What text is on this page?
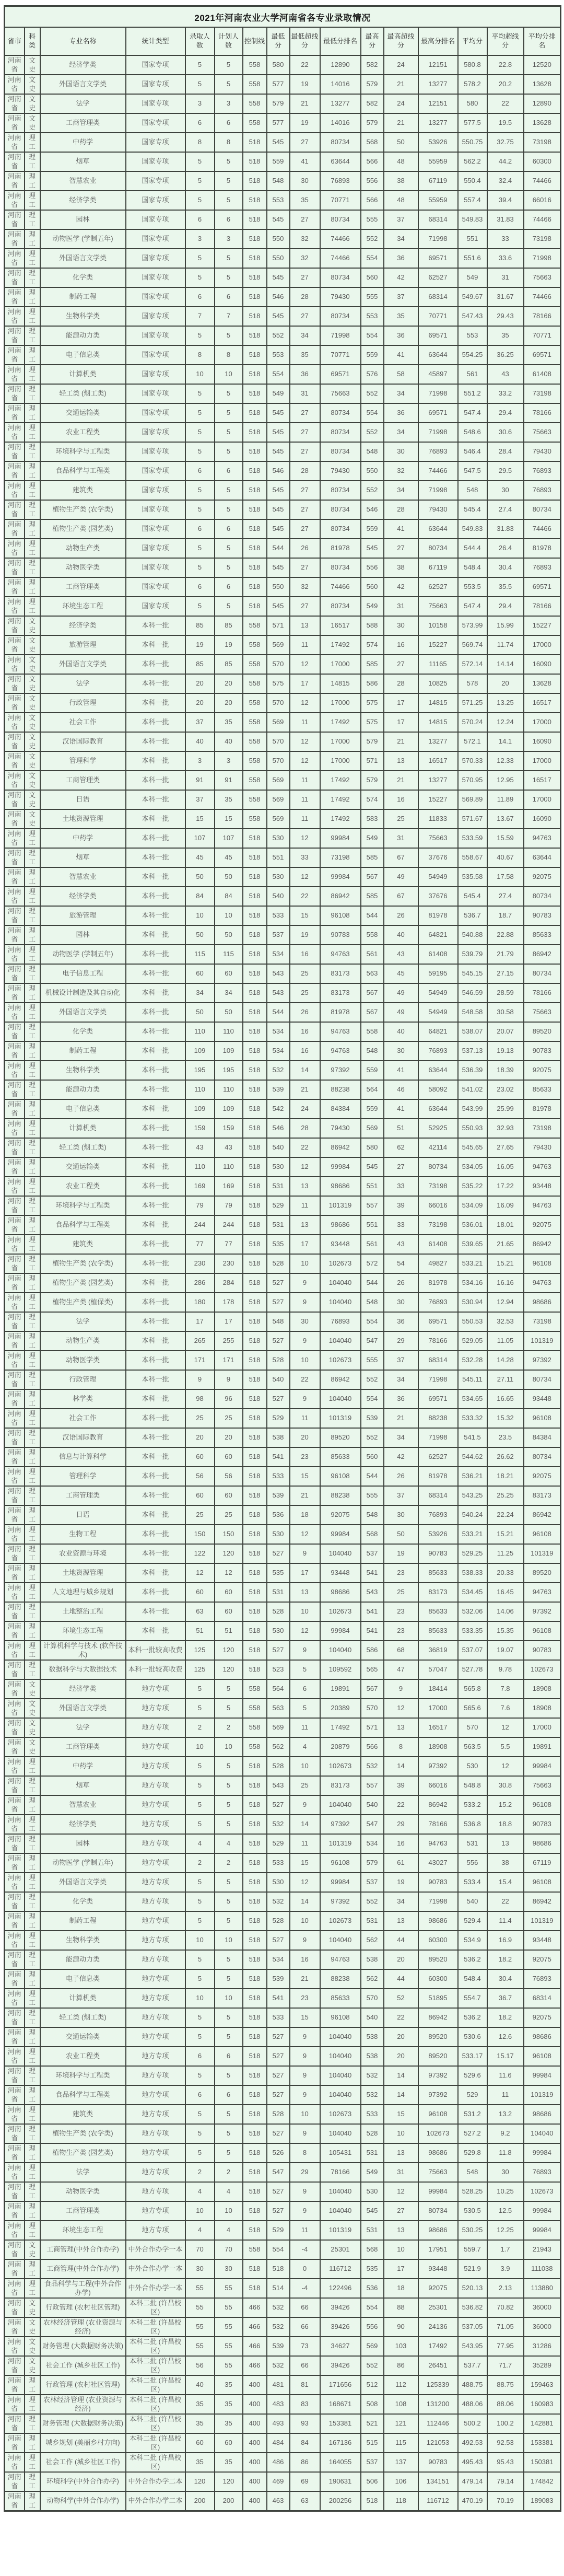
2021年河南农业大学河南省各专业录取情况															
省市	科类	专业名称	统计类型	录取人数	计划人数	控制线	最低分	最低超线分	最低分排名	最高分	最高超线分	最高分排名	平均分	平均超线分	平均分排名
河南省	文史	经济学类	国家专项	5	5	558	580	22	12890	582	24	12151	580.8	22.8	12520
河南省	文史	外国语言文学类	国家专项	5	5	558	577	19	14016	579	21	13277	578.2	20.2	13628
河南省	文史	法学	国家专项	3	3	558	579	21	13277	582	24	12151	580	22	12890
河南省	文史	工商管理类	国家专项	6	6	558	577	19	14016	579	21	13277	577.5	19.5	13628
河南省	理工	中药学	国家专项	8	8	518	545	27	80734	568	50	53926	550.75	32.75	73198
河南省	理工	烟草	国家专项	5	5	518	559	41	63644	566	48	55959	562.2	44.2	60300
河南省	理工	智慧农业	国家专项	5	5	518	548	30	76893	556	38	67119	550.4	32.4	74466
河南省	理工	经济学类	国家专项	5	5	518	553	35	70771	566	48	55959	557.4	39.4	66016
河南省	理工	园林	国家专项	6	6	518	545	27	80734	555	37	68314	549.83	31.83	74466
河南省	理工	动物医学 (学制五年)	国家专项	3	3	518	550	32	74466	552	34	71998	551	33	73198
河南省	理工	外国语言文学类	国家专项	5	5	518	550	32	74466	554	36	69571	551.6	33.6	71998
河南省	理工	化学类	国家专项	5	5	518	545	27	80734	560	42	62527	549	31	75663
河南省	理工	制药工程	国家专项	6	6	518	546	28	79430	555	37	68314	549.67	31.67	74466
河南省	理工	生物科学类	国家专项	7	7	518	545	27	80734	553	35	70771	547.43	29.43	78166
河南省	理工	能源动力类	国家专项	5	5	518	552	34	71998	554	36	69571	553	35	70771
河南省	理工	电子信息类	国家专项	8	8	518	553	35	70771	559	41	63644	554.25	36.25	69571
河南省	理工	计算机类	国家专项	10	10	518	554	36	69571	576	58	45897	561	43	61408
河南省	理工	轻工类 (烟工类)	国家专项	5	5	518	549	31	75663	552	34	71998	551.2	33.2	73198
河南省	理工	交通运输类	国家专项	5	5	518	545	27	80734	554	36	69571	547.4	29.4	78166
河南省	理工	农业工程类	国家专项	5	5	518	545	27	80734	552	34	71998	548.6	30.6	75663
河南省	理工	环境科学与工程类	国家专项	5	5	518	545	27	80734	548	30	76893	546.4	28.4	79430
河南省	理工	食品科学与工程类	国家专项	6	6	518	546	28	79430	550	32	74466	547.5	29.5	76893
河南省	理工	建筑类	国家专项	5	5	518	545	27	80734	552	34	71998	548	30	76893
河南省	理工	植物生产类 (农学类)	国家专项	5	5	518	545	27	80734	546	28	79430	545.4	27.4	80734
河南省	理工	植物生产类 (园艺类)	国家专项	6	6	518	545	27	80734	559	41	63644	549.83	31.83	74466
河南省	理工	动物生产类	国家专项	5	5	518	544	26	81978	545	27	80734	544.4	26.4	81978
河南省	理工	动物医学类	国家专项	5	5	518	545	27	80734	556	38	67119	548.4	30.4	76893
河南省	理工	工商管理类	国家专项	6	6	518	550	32	74466	560	42	62527	553.5	35.5	69571
河南省	理工	环境生态工程	国家专项	5	5	518	545	27	80734	549	31	75663	547.4	29.4	78166
河南省	文史	经济学类	本科一批	85	85	558	571	13	16517	588	30	10158	573.99	15.99	15227
河南省	文史	旅游管理	本科一批	19	19	558	569	11	17492	574	16	15227	569.74	11.74	17000
河南省	文史	外国语言文学类	本科一批	85	85	558	570	12	17000	585	27	11165	572.14	14.14	16090
河南省	文史	法学	本科一批	20	20	558	575	17	14815	586	28	10825	578	20	13628
河南省	文史	行政管理	本科一批	20	20	558	570	12	17000	575	17	14815	571.25	13.25	16517
河南省	文史	社会工作	本科一批	37	35	558	569	11	17492	575	17	14815	570.24	12.24	17000
河南省	文史	汉语国际教育	本科一批	40	40	558	570	12	17000	579	21	13277	572.1	14.1	16090
河南省	文史	管理科学	本科一批	3	3	558	570	12	17000	571	13	16517	570.33	12.33	17000
河南省	文史	工商管理类	本科一批	91	91	558	569	11	17492	579	21	13277	570.95	12.95	16517
河南省	文史	日语	本科一批	37	35	558	569	11	17492	574	16	15227	569.89	11.89	17000
河南省	文史	土地资源管理	本科一批	15	15	558	569	11	17492	583	25	11833	571.67	13.67	16090
河南省	理工	中药学	本科一批	107	107	518	530	12	99984	549	31	75663	533.59	15.59	94763
河南省	理工	烟草	本科一批	45	45	518	551	33	73198	585	67	37676	558.67	40.67	63644
河南省	理工	智慧农业	本科一批	50	50	518	530	12	99984	567	49	54949	535.58	17.58	92075
河南省	理工	经济学类	本科一批	84	84	518	540	22	86942	585	67	37676	545.4	27.4	80734
河南省	理工	旅游管理	本科一批	10	10	518	533	15	96108	544	26	81978	536.7	18.7	90783
河南省	理工	园林	本科一批	50	50	518	537	19	90783	558	40	64821	540.88	22.88	85633
河南省	理工	动物医学 (学制五年)	本科一批	115	115	518	534	16	94763	561	43	61408	539.79	21.79	86942
河南省	理工	电子信息工程	本科一批	60	60	518	543	25	83173	563	45	59195	545.15	27.15	80734
河南省	理工	机械设计制造及其自动化	本科一批	34	34	518	543	25	83173	567	49	54949	546.59	28.59	78166
河南省	理工	外国语言文学类	本科一批	50	50	518	544	26	81978	567	49	54949	548.58	30.58	75663
河南省	理工	化学类	本科一批	110	110	518	534	16	94763	558	40	64821	538.07	20.07	89520
河南省	理工	制药工程	本科一批	109	109	518	534	16	94763	548	30	76893	537.13	19.13	90783
河南省	理工	生物科学类	本科一批	195	195	518	532	14	97392	559	41	63644	536.39	18.39	92075
河南省	理工	能源动力类	本科一批	110	110	518	539	21	88238	564	46	58092	541.02	23.02	85633
河南省	理工	电子信息类	本科一批	109	109	518	542	24	84384	559	41	63644	543.99	25.99	81978
河南省	理工	计算机类	本科一批	159	159	518	546	28	79430	569	51	52925	550.93	32.93	73198
河南省	理工	轻工类 (烟工类)	本科一批	43	43	518	540	22	86942	580	62	42114	545.65	27.65	79430
河南省	理工	交通运输类	本科一批	110	110	518	530	12	99984	545	27	80734	534.05	16.05	94763
河南省	理工	农业工程类	本科一批	169	169	518	531	13	98686	551	33	73198	535.22	17.22	93448
河南省	理工	环境科学与工程类	本科一批	79	79	518	529	11	101319	557	39	66016	534.09	16.09	94763
河南省	理工	食品科学与工程类	本科一批	244	244	518	531	13	98686	551	33	73198	536.01	18.01	92075
河南省	理工	建筑类	本科一批	77	77	518	535	17	93448	561	43	61408	539.65	21.65	86942
河南省	理工	植物生产类 (农学类)	本科一批	230	230	518	528	10	102673	572	54	49827	533.21	15.21	96108
河南省	理工	植物生产类 (园艺类)	本科一批	286	284	518	527	9	104040	544	26	81978	534.16	16.16	94763
河南省	理工	植物生产类 (植保类)	本科一批	180	178	518	527	9	104040	548	30	76893	530.94	12.94	98686
河南省	理工	法学	本科一批	17	17	518	548	30	76893	554	36	69571	550.53	32.53	73198
河南省	理工	动物生产类	本科一批	265	255	518	527	9	104040	547	29	78166	529.05	11.05	101319
河南省	理工	动物医学类	本科一批	171	171	518	528	10	102673	555	37	68314	532.28	14.28	97392
河南省	理工	行政管理	本科一批	9	9	518	540	22	86942	552	34	71998	545.11	27.11	80734
河南省	理工	林学类	本科一批	98	96	518	527	9	104040	554	36	69571	534.65	16.65	93448
河南省	理工	社会工作	本科一批	25	25	518	529	11	101319	539	21	88238	533.32	15.32	96108
河南省	理工	汉语国际教育	本科一批	20	20	518	538	20	89520	552	34	71998	541.5	23.5	84384
河南省	理工	信息与计算科学	本科一批	60	60	518	541	23	85633	560	42	62527	544.62	26.62	80734
河南省	理工	管理科学	本科一批	56	56	518	533	15	96108	544	26	81978	536.21	18.21	92075
河南省	理工	工商管理类	本科一批	60	60	518	539	21	88238	555	37	68314	543.25	25.25	83173
河南省	理工	日语	本科一批	25	25	518	536	18	92075	548	30	76893	540.24	22.24	86942
河南省	理工	生物工程	本科一批	150	150	518	530	12	99984	568	50	53926	533.21	15.21	96108
河南省	理工	农业资源与环境	本科一批	122	120	518	527	9	104040	537	19	90783	529.25	11.25	101319
河南省	理工	土地资源管理	本科一批	12	12	518	535	17	93448	541	23	85633	538.33	20.33	89520
河南省	理工	人文地理与城乡规划	本科一批	60	60	518	531	13	98686	543	25	83173	534.45	16.45	94763
河南省	理工	土地整治工程	本科一批	63	60	518	528	10	102673	541	23	85633	532.06	14.06	97392
河南省	理工	环境生态工程	本科一批	51	51	518	530	12	99984	541	23	85633	533.35	15.35	96108
河南省	理工	计算机科学与技术 (软件技术)	本科一批较高收费	125	120	518	527	9	104040	586	68	36819	537.07	19.07	90783
河南省	理工	数据科学与大数据技术	本科一批较高收费	125	120	518	523	5	109592	565	47	57047	527.78	9.78	102673
河南省	文史	经济学类	地方专项	5	5	558	564	6	19891	567	9	18414	565.8	7.8	18908
河南省	文史	外国语言文学类	地方专项	5	5	558	563	5	20389	570	12	17000	565.6	7.6	18908
河南省	文史	法学	地方专项	2	2	558	569	11	17492	571	13	16517	570	12	17000
河南省	文史	工商管理类	地方专项	10	10	558	562	4	20879	566	8	18908	563.5	5.5	19891
河南省	理工	中药学	地方专项	5	5	518	528	10	102673	532	14	97392	530	12	99984
河南省	理工	烟草	地方专项	5	5	518	543	25	83173	557	39	66016	548.8	30.8	75663
河南省	理工	智慧农业	地方专项	5	5	518	527	9	104040	540	22	86942	533.2	15.2	96108
河南省	理工	经济学类	地方专项	5	5	518	532	14	97392	547	29	78166	536.8	18.8	90783
河南省	理工	园林	地方专项	4	4	518	529	11	101319	534	16	94763	531	13	98686
河南省	理工	动物医学 (学制五年)	地方专项	2	2	518	533	15	96108	579	61	43027	556	38	67119
河南省	理工	外国语言文学类	地方专项	5	5	518	530	12	99984	537	19	90783	533.4	15.4	96108
河南省	理工	化学类	地方专项	5	5	518	532	14	97392	552	34	71998	540	22	86942
河南省	理工	制药工程	地方专项	5	5	518	528	10	102673	531	13	98686	529.4	11.4	101319
河南省	理工	生物科学类	地方专项	10	10	518	527	9	104040	562	44	60300	534.9	16.9	93448
河南省	理工	能源动力类	地方专项	5	5	518	534	16	94763	538	20	89520	536.2	18.2	92075
河南省	理工	电子信息类	地方专项	5	5	518	539	21	88238	562	44	60300	548.4	30.4	76893
河南省	理工	计算机类	地方专项	10	10	518	541	23	85633	570	52	51895	554.7	36.7	68314
河南省	理工	轻工类 (烟工类)	地方专项	5	5	518	533	15	96108	540	22	86942	536.2	18.2	92075
河南省	理工	交通运输类	地方专项	5	5	518	527	9	104040	538	20	89520	530.6	12.6	98686
河南省	理工	农业工程类	地方专项	6	6	518	527	9	104040	538	20	89520	533.17	15.17	96108
河南省	理工	环境科学与工程类	地方专项	5	5	518	527	9	104040	532	14	97392	529.6	11.6	99984
河南省	理工	食品科学与工程类	地方专项	6	6	518	527	9	104040	532	14	97392	529	11	101319
河南省	理工	建筑类	地方专项	5	5	518	528	10	102673	533	15	96108	531.2	13.2	98686
河南省	理工	植物生产类 (农学类)	地方专项	5	5	518	527	9	104040	528	10	102673	527.2	9.2	104040
河南省	理工	植物生产类 (园艺类)	地方专项	5	5	518	526	8	105431	531	13	98686	529.8	11.8	99984
河南省	理工	法学	地方专项	2	2	518	547	29	78166	549	31	75663	548	30	76893
河南省	理工	动物医学类	地方专项	4	4	518	527	9	104040	530	12	99984	528.25	10.25	102673
河南省	理工	工商管理类	地方专项	10	10	518	527	9	104040	545	27	80734	530.5	12.5	99984
河南省	理工	环境生态工程	地方专项	4	4	518	529	11	101319	531	13	98686	530.25	12.25	99984
河南省	文史	工商管理(中外合作办学)	中外合作办学一本	70	70	558	554	-4	25301	568	10	17951	559.7	1.7	21943
河南省	理工	工商管理(中外合作办学)	中外合作办学一本	30	30	518	518	0	116712	535	17	93448	521.9	3.9	111038
河南省	理工	食品科学与工程(中外合作办学)	中外合作办学一本	55	55	518	514	-4	122496	536	18	92075	520.13	2.13	113880
河南省	文史	行政管理 (农村社区管理)	本科二批 (许昌校区)	55	55	466	532	66	39426	554	88	25301	536.82	70.82	36000
河南省	文史	农林经济管理 (农业资源与经济)	本科二批 (许昌校区)	55	55	466	532	66	39426	556	90	24136	537.05	71.05	36000
河南省	文史	财务管理 (大数据财务决策)	本科二批 (许昌校区)	55	55	466	539	73	34627	569	103	17492	543.95	77.95	31286
河南省	文史	社会工作 (城乡社区工作)	本科二批 (许昌校区)	56	55	466	532	66	39426	552	86	26451	537.7	71.7	35289
河南省	理工	行政管理 (农村社区管理)	本科二批 (许昌校区)	40	35	400	481	81	171656	512	112	125339	488.75	88.75	159463
河南省	理工	农林经济管理 (农业资源与经济)	本科二批 (许昌校区)	35	35	400	483	83	168671	508	108	131200	488.06	88.06	160983
河南省	理工	财务管理 (大数据财务决策)	本科二批 (许昌校区)	35	35	400	493	93	153381	521	121	112446	500.2	100.2	142881
河南省	理工	城乡规划 (美丽乡村方向)	本科二批 (许昌校区)	60	60	400	484	84	167136	515	115	121053	492.53	92.53	153381
河南省	理工	社会工作 (城乡社区工作)	本科二批 (许昌校区)	35	35	400	486	86	164055	537	137	90783	495.43	95.43	150381
河南省	理工	环境科学(中外合作办学)	中外合作办学二本	120	120	400	469	69	190631	506	106	134151	479.14	79.14	174842
河南省	理工	动物科学(中外合作办学)	中外合作办学二本	200	200	400	463	63	200256	518	118	116712	470.19	70.19	189083
